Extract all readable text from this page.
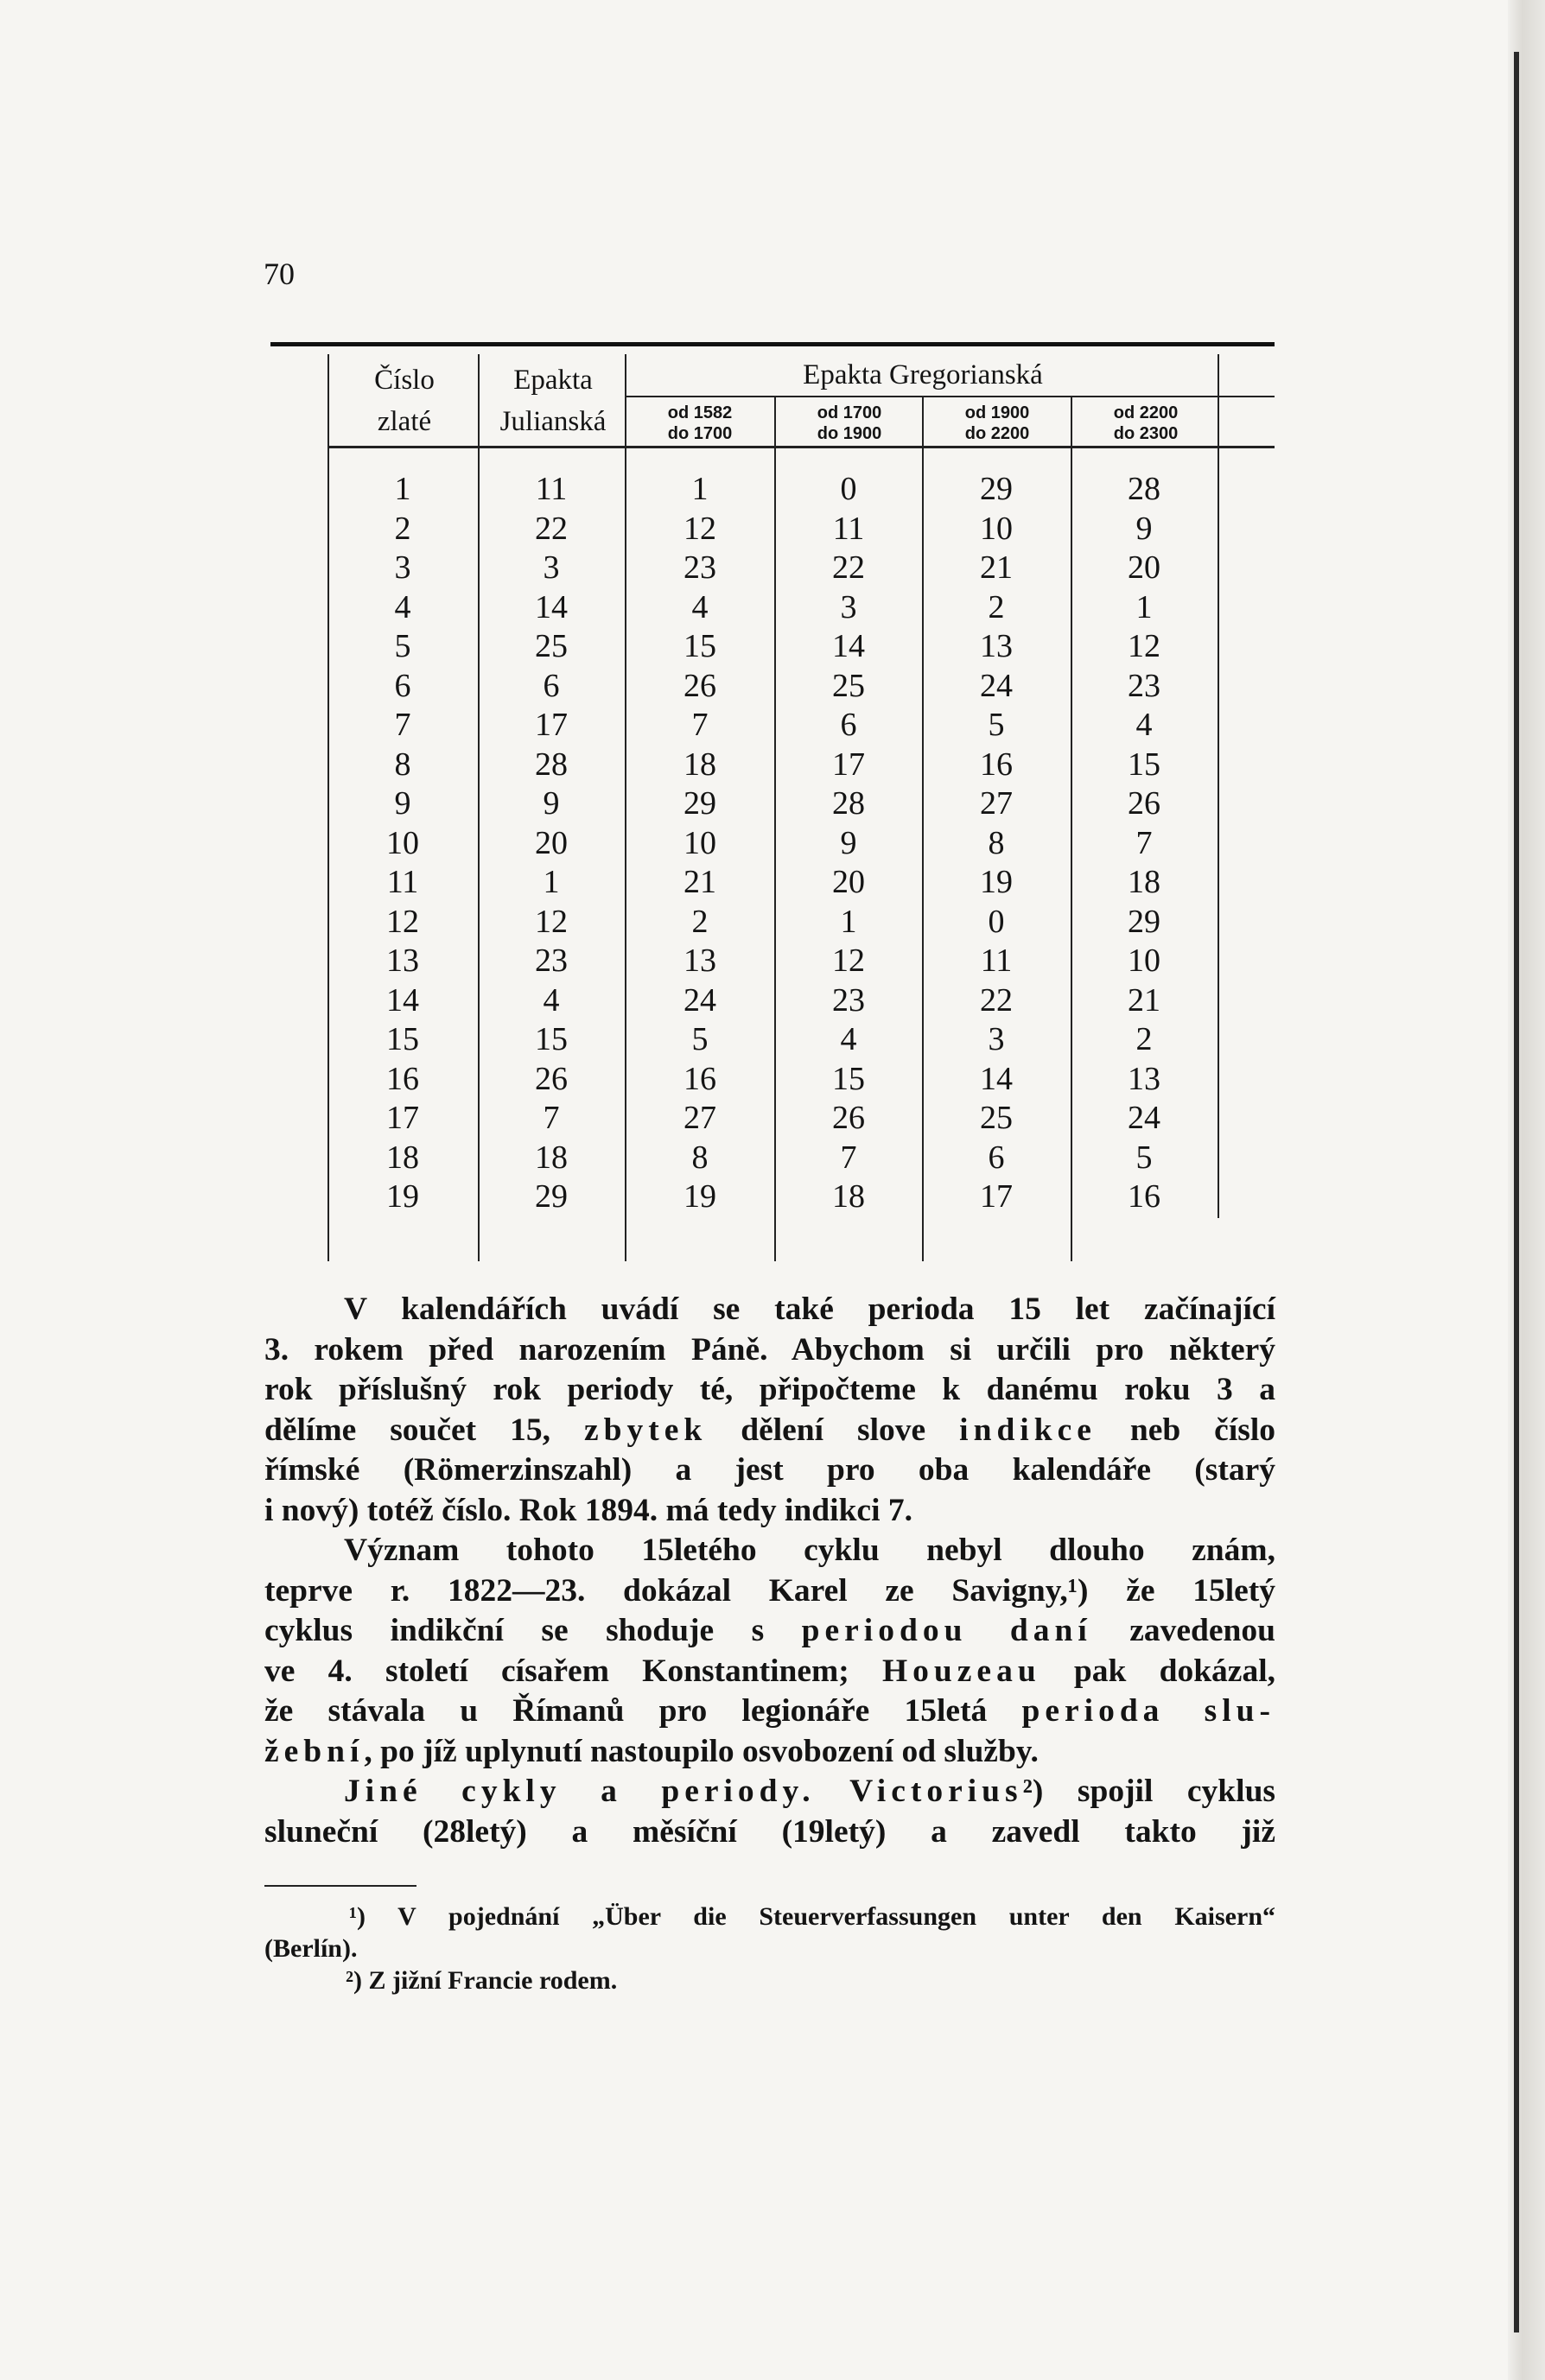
70
Číslo
zlaté
Epakta
Julianská
Epakta Gregorianská
od 1582
do 1700
od 1700
do 1900
od 1900
do 2200
od 2200
do 2300
1
2
3
4
5
6
7
8
9
10
11
12
13
14
15
16
17
18
19
11
22
3
14
25
6
17
28
9
20
1
12
23
4
15
26
7
18
29
1
12
23
4
15
26
7
18
29
10
21
2
13
24
5
16
27
8
19
0
11
22
3
14
25
6
17
28
9
20
1
12
23
4
15
26
7
18
29
10
21
2
13
24
5
16
27
8
19
0
11
22
3
14
25
6
17
28
9
20
1
12
23
4
15
26
7
18
29
10
21
2
13
24
5
16

V kalendářích uvádí se také perioda 15 let začínající

3. rokem před narozením Páně. Abychom si určili pro některý

rok příslušný rok periody té, připočteme k danému roku 3 a

dělíme součet 15, zbytek dělení slove indikce neb číslo

římské (Römerzinszahl) a jest pro oba kalendáře (starý

i nový) totéž číslo. Rok 1894. má tedy indikci 7.

Význam tohoto 15letého cyklu nebyl dlouho znám,

teprve r. 1822—23. dokázal Karel ze Savigny,¹) že 15letý

cyklus indikční se shoduje s periodou daní zavedenou

ve 4. století císařem Konstantinem; Houzeau pak dokázal,

že stávala u Římanů pro legionáře 15letá perioda slu-

žební, po jíž uplynutí nastoupilo osvobození od služby.

Jiné cykly a periody. Victorius²) spojil cyklus

sluneční (28letý) a měsíční (19letý) a zavedl takto již

¹) V pojednání „Über die Steuerverfassungen unter den Kaisern“

(Berlín).

²) Z jižní Francie rodem.
